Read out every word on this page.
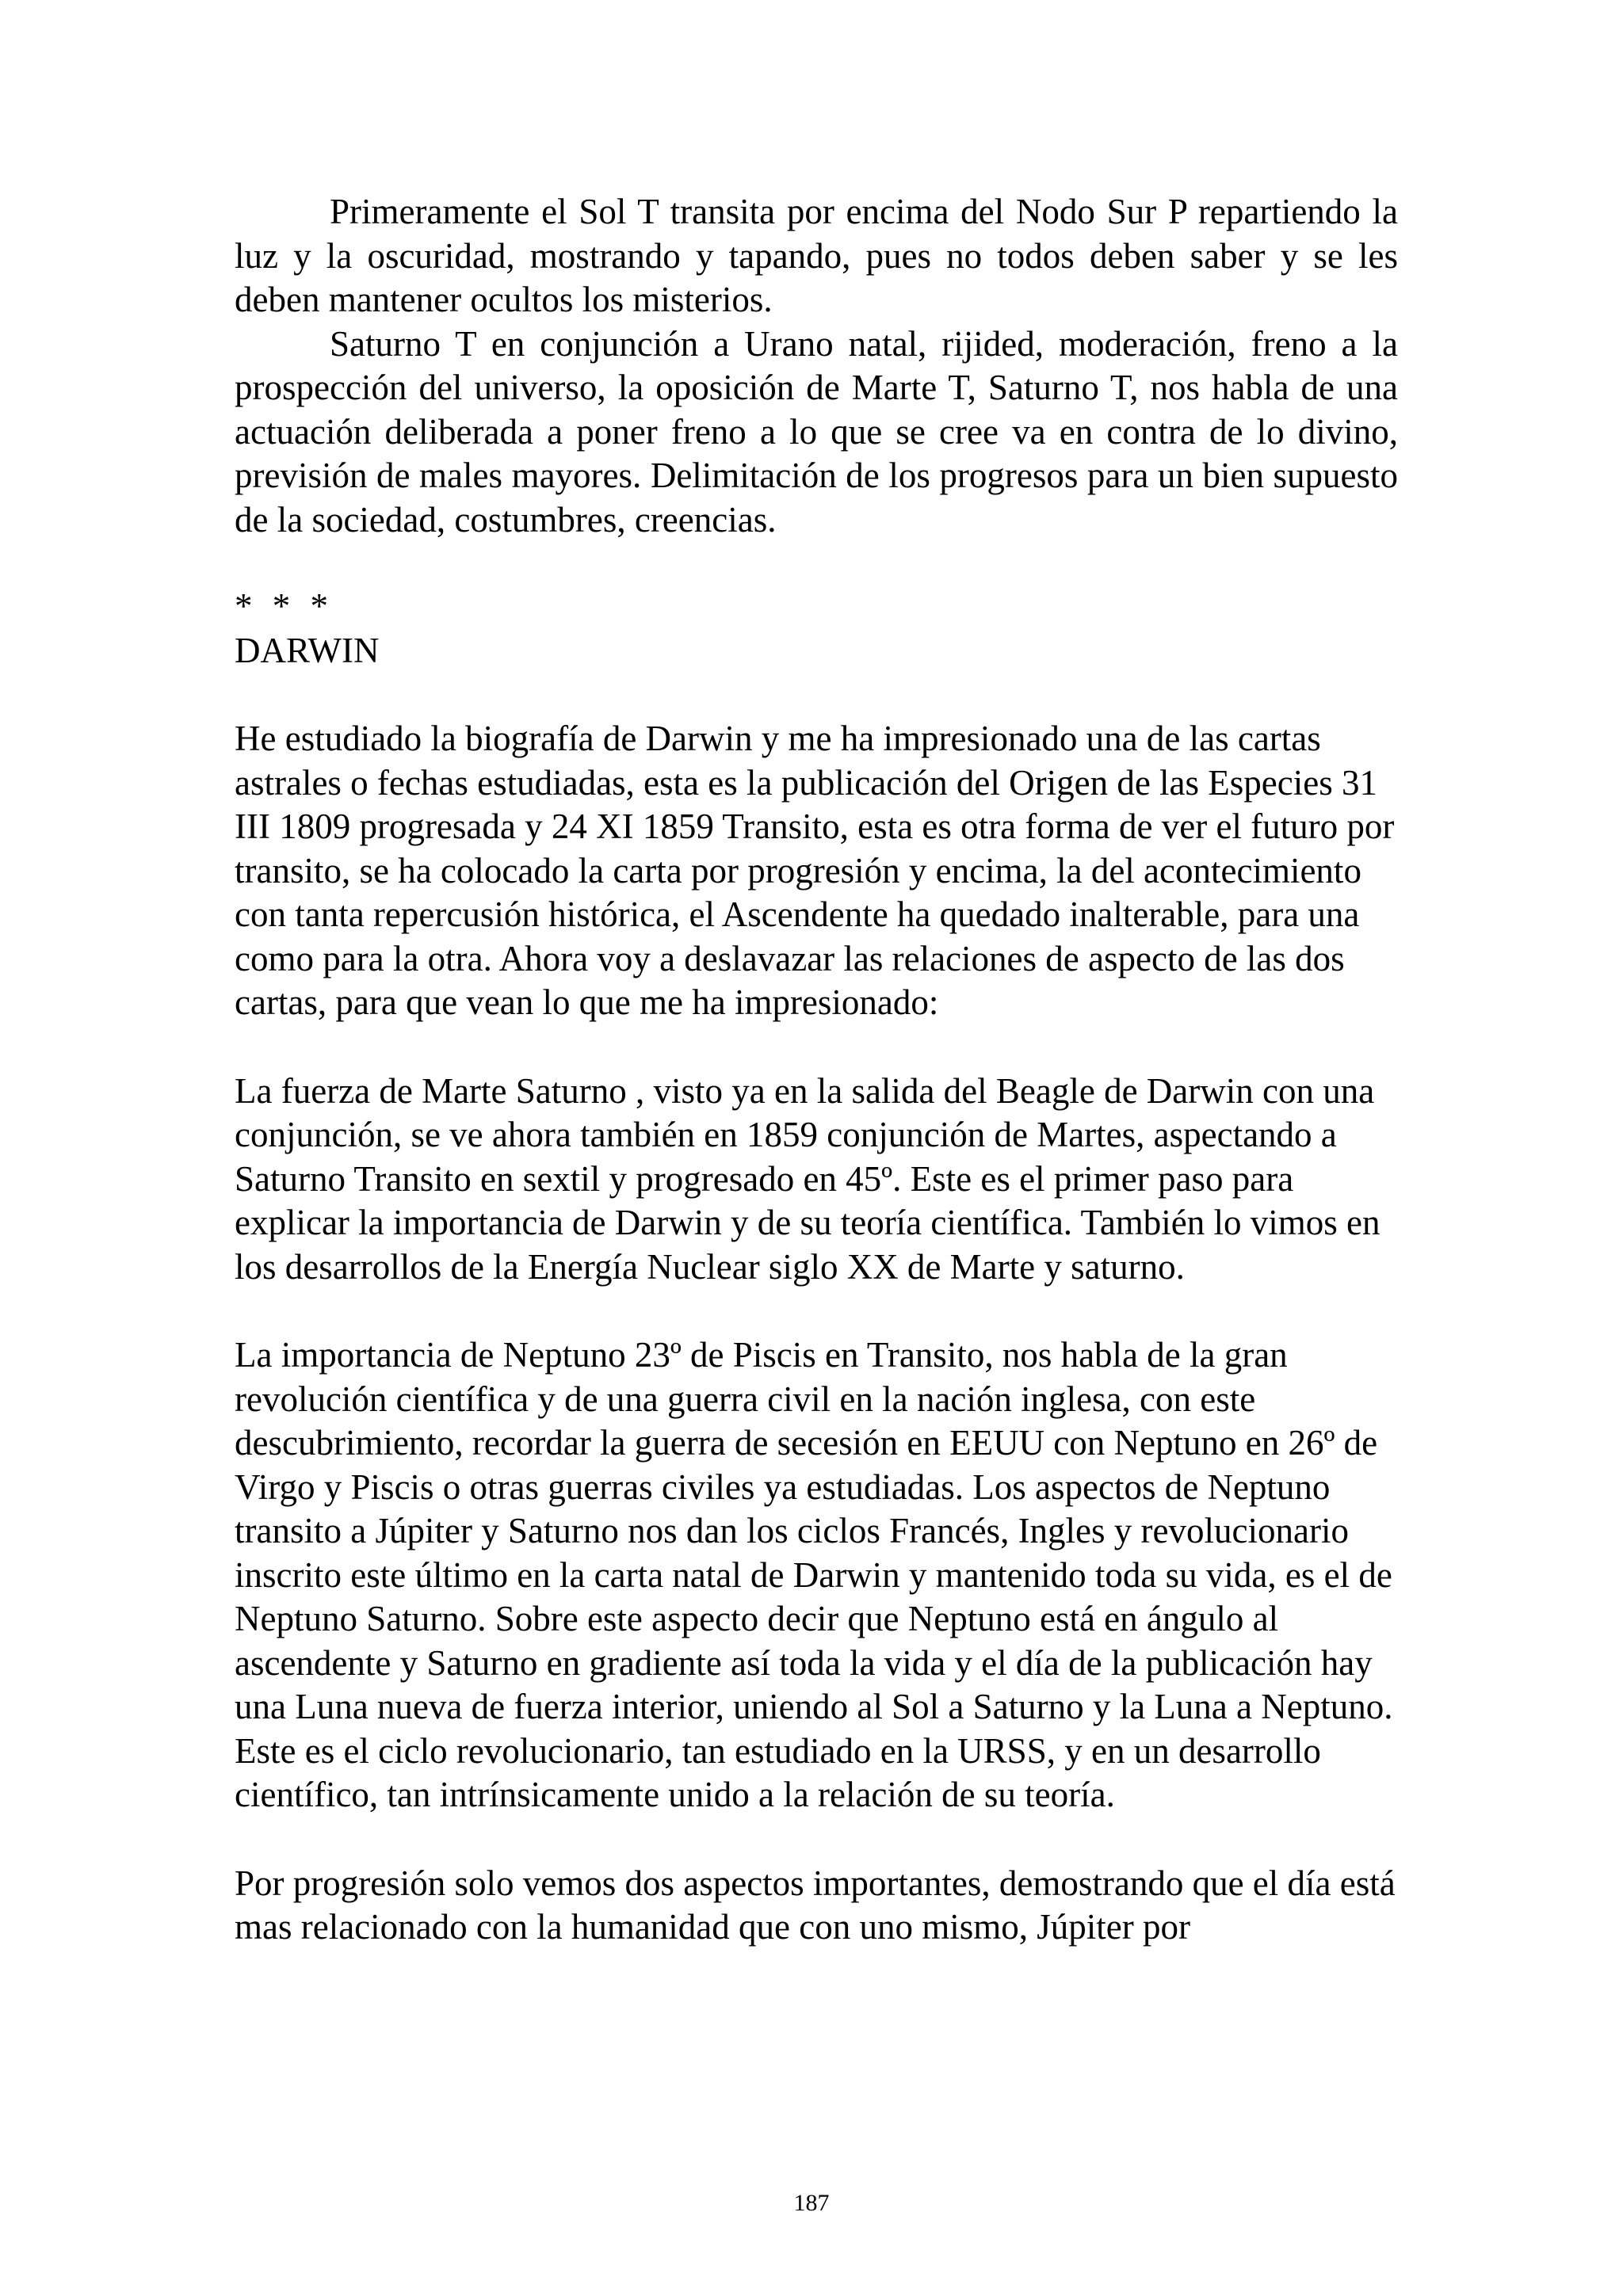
Primeramente el Sol T transita por encima del Nodo Sur P repartiendo la luz y la oscuridad, mostrando y tapando, pues no todos deben saber y se les deben mantener ocultos los misterios.

Saturno T en conjunción a Urano natal, rijided, moderación, freno a la prospección del universo, la oposición de Marte T, Saturno T, nos habla de una actuación deliberada a poner freno a lo que se cree va en contra de lo divino, previsión de males mayores. Delimitación de los progresos para un bien supuesto de la sociedad, costumbres, creencias.

* * *

DARWIN

He estudiado la biografía de Darwin y me ha impresionado una de las cartas astrales o fechas estudiadas, esta es la publicación del Origen de las Especies 31 III 1809 progresada y 24 XI 1859 Transito, esta es otra forma de ver el futuro por transito, se ha colocado la carta por progresión y encima, la del acontecimiento con tanta repercusión histórica, el Ascendente ha quedado inalterable, para una como para la otra. Ahora voy a deslavazar las relaciones de aspecto de las dos cartas, para que vean lo que me ha impresionado:

La fuerza de Marte Saturno , visto ya en la salida del Beagle de Darwin con una conjunción, se ve ahora también en 1859 conjunción de Martes, aspectando a Saturno Transito en sextil y progresado en 45º. Este es el primer paso para explicar la importancia de Darwin y de su teoría científica. También lo vimos en los desarrollos de la Energía Nuclear siglo XX de Marte y saturno.

La importancia de Neptuno 23º de Piscis en Transito, nos habla de la gran revolución científica y de una guerra civil en la nación inglesa, con este descubrimiento, recordar la guerra de secesión en EEUU con Neptuno en 26º de Virgo y Piscis o otras guerras civiles ya estudiadas. Los aspectos de Neptuno transito a Júpiter y Saturno nos dan los ciclos Francés, Ingles y revolucionario inscrito este último en la carta natal de Darwin y mantenido toda su vida, es el de Neptuno Saturno. Sobre este aspecto decir que Neptuno está en ángulo al ascendente y Saturno en gradiente así toda la vida y el día de la publicación hay una Luna nueva de fuerza interior, uniendo al Sol a Saturno y la Luna a Neptuno. Este es el ciclo revolucionario, tan estudiado en la URSS, y en un desarrollo científico, tan intrínsicamente unido a la relación de su teoría.

Por progresión solo vemos dos aspectos importantes, demostrando que el día está mas relacionado con la humanidad que con uno mismo, Júpiter por

187
